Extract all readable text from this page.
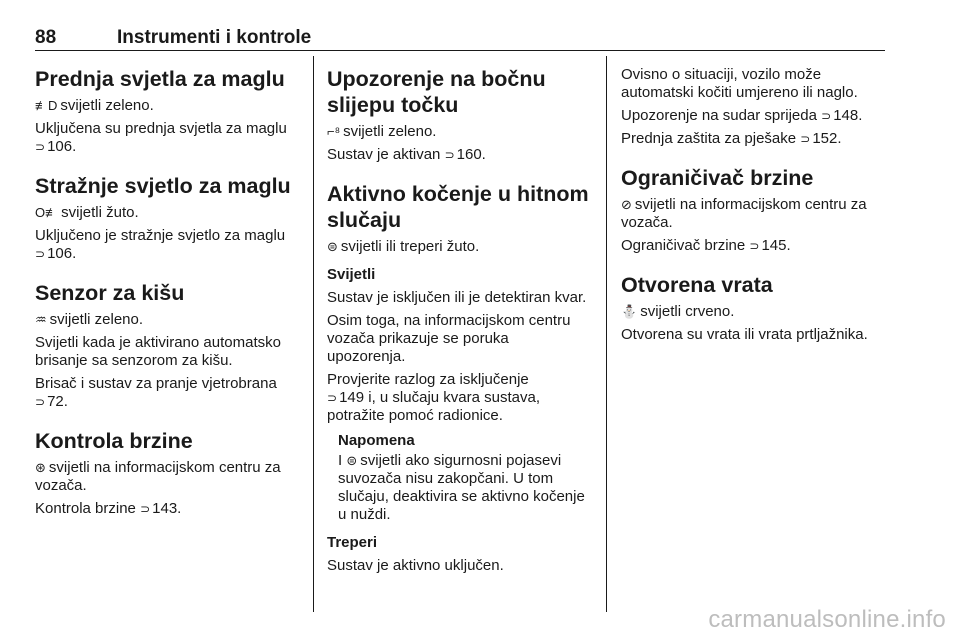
88	Instrumenti i kontrole
Prednja svjetla za maglu

≢D svijetli zeleno.

Uključena su prednja svjetla za maglu ⊃ 106.

Stražnje svjetlo za maglu

O≢ svijetli žuto.

Uključeno je stražnje svjetlo za maglu ⊃ 106.

Senzor za kišu

♒ svijetli zeleno.

Svijetli kada je aktivirano automatsko brisanje sa senzorom za kišu.

Brisač i sustav za pranje vjetrobrana ⊃ 72.

Kontrola brzine

⊛ svijetli na informacijskom centru za vozača.

Kontrola brzine ⊃ 143.

Upozorenje na bočnu slijepu točku

⌐⁸ svijetli zeleno.

Sustav je aktivan ⊃ 160.

Aktivno kočenje u hitnom slučaju

⊜ svijetli ili treperi žuto.

Svijetli

Sustav je isključen ili je detektiran kvar.

Osim toga, na informacijskom centru vozača prikazuje se poruka upozorenja.

Provjerite razlog za isključenje
⊃ 149 i, u slučaju kvara sustava, potražite pomoć radionice.

Napomena

I ⊜ svijetli ako sigurnosni pojasevi suvozača nisu zakopčani. U tom slučaju, deaktivira se aktivno kočenje u nuždi.

Treperi

Sustav je aktivno uključen.

Ovisno o situaciji, vozilo može automatski kočiti umjereno ili naglo.

Upozorenje na sudar sprijeda ⊃ 148.

Prednja zaštita za pješake ⊃ 152.

Ograničivač brzine

⊘ svijetli na informacijskom centru za vozača.

Ograničivač brzine ⊃ 145.

Otvorena vrata

⛄ svijetli crveno.

Otvorena su vrata ili vrata prtljažnika.

carmanualsonline.info
